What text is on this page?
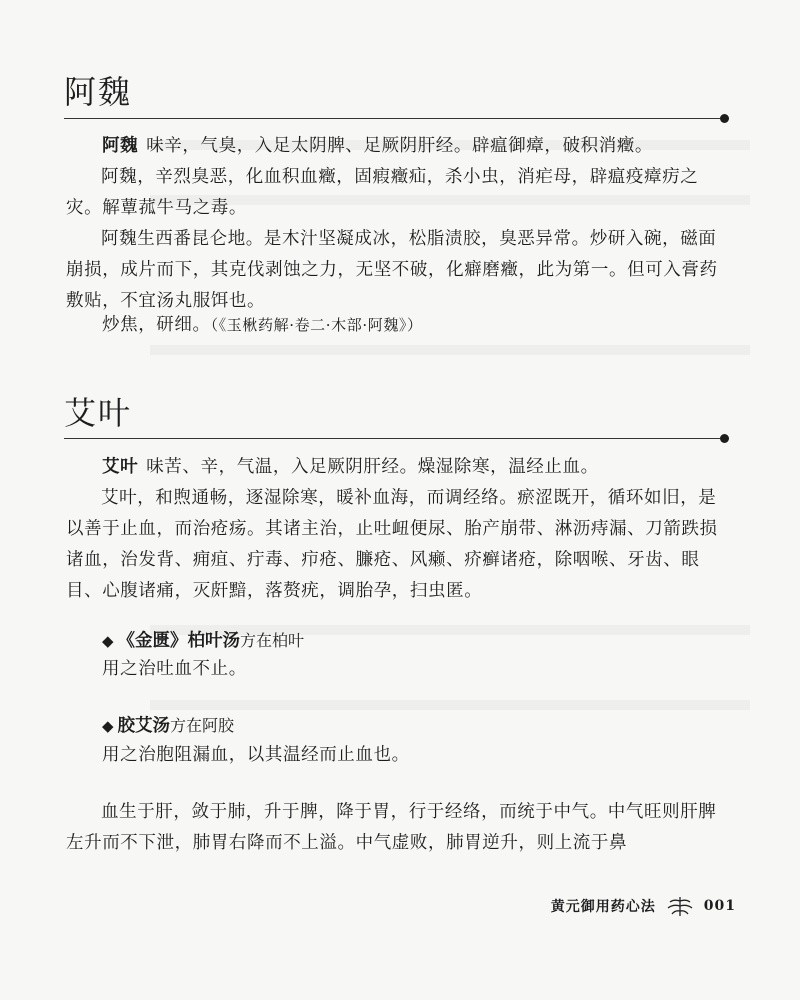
阿魏

阿魏 味辛，气臭，入足太阴脾、足厥阴肝经。辟瘟御瘴，破积消癥。

阿魏，辛烈臭恶，化血积血癥，固瘕癥疝，杀小虫，消疟母，辟瘟疫瘴疠之灾。解蕈菰牛马之毒。

阿魏生西番昆仑地。是木汁坚凝成冰，松脂渍胶，臭恶异常。炒研入碗，磁面崩损，成片而下，其克伐剥蚀之力，无坚不破，化癖磨癥，此为第一。但可入膏药敷贴，不宜汤丸服饵也。

炒焦，研细。（《玉楸药解·卷二·木部·阿魏》）

艾叶

艾叶 味苦、辛，气温，入足厥阴肝经。燥湿除寒，温经止血。

艾叶，和煦通畅，逐湿除寒，暖补血海，而调经络。瘀涩既开，循环如旧，是以善于止血，而治疮疡。其诸主治，止吐衄便尿、胎产崩带、淋沥痔漏、刀箭跌损诸血，治发背、痈疽、疔毒、疖疮、臁疮、风癞、疥癣诸疮，除咽喉、牙齿、眼目、心腹诸痛，灭皯黯，落赘疣，调胎孕，扫虫匿。

◆ 《金匮》柏叶汤方在柏叶

用之治吐血不止。

◆ 胶艾汤方在阿胶

用之治胞阻漏血，以其温经而止血也。

血生于肝，敛于肺，升于脾，降于胃，行于经络，而统于中气。中气旺则肝脾左升而不下泄，肺胃右降而不上溢。中气虚败，肺胃逆升，则上流于鼻

黄元御用药心法	001
